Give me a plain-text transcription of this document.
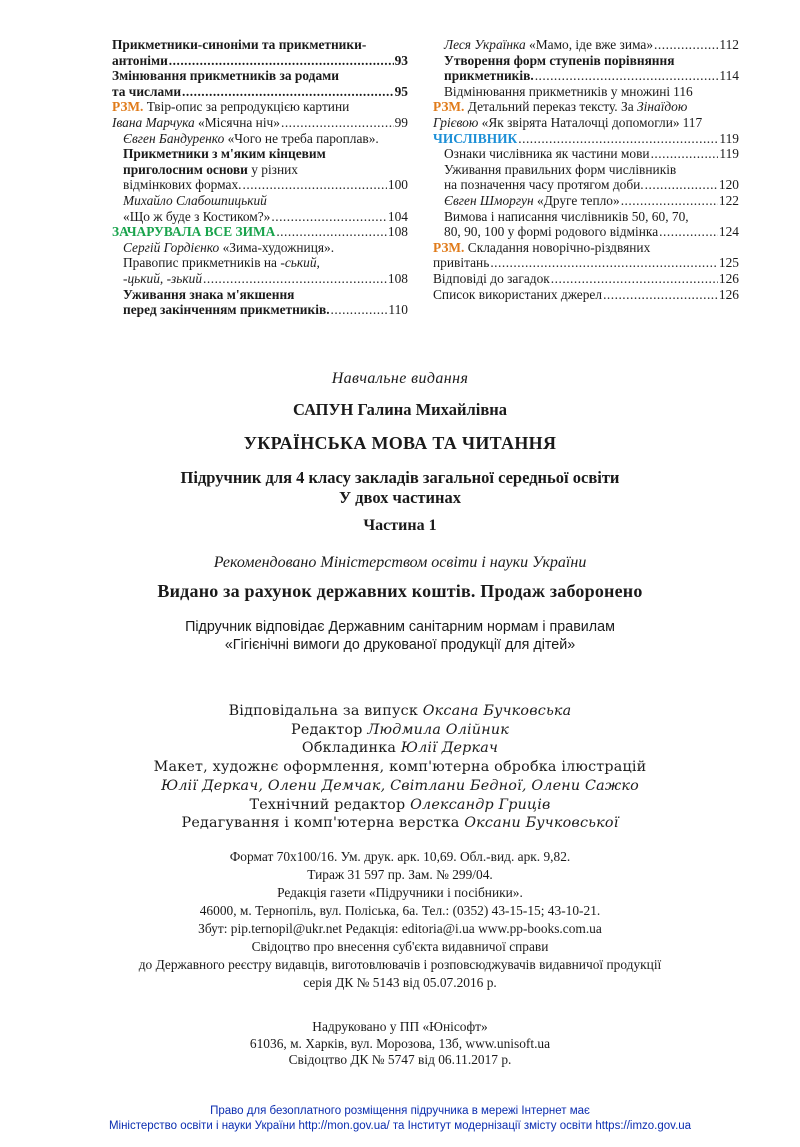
Прикметники-синоніми та прикметники-
антоніми .....	93
Змінювання прикметників за родами
та числами .....	95
РЗМ. Твір-опис за репродукцією картини
Івана Марчука «Місячна ніч» .....	99
Євген Бандуренко «Чого не треба пароплав».
Прикметники з м'яким кінцевим
приголосним основи у різних
відмінкових формах. .....	100
Михайло Слабошпицький
«Що ж буде з Костиком?» .....	104
ЗАЧАРУВАЛА ВСЕ ЗИМА .....	108
Сергій Гордієнко «Зима-художниця».
Правопис прикметників на -ський,
-цький, -зький .....	108
Уживання знака м'якшення
перед закінченням прикметників. .....	110
Леся Українка «Мамо, іде вже зима» .....	112
Утворення форм ступенів порівняння
прикметників. .....	114
Відмінювання прикметників у множині 116
РЗМ. Детальний переказ тексту. За Зінаїдою
Грієвою «Як звірята Наталочці допомогли» 117
ЧИСЛІВНИК .....	119
Ознаки числівника як частини мови .....	119
Уживання правильних форм числівників
на позначення часу протягом доби. .....	120
Євген Шморгун «Друге тепло» .....	122
Вимова і написання числівників 50, 60, 70,
80, 90, 100 у формі родового відмінка .....	124
РЗМ. Складання новорічно-різдвяних
привітань .....	125
Відповіді до загадок .....	126
Список використаних джерел .....	126
Навчальне видання
САПУН Галина Михайлівна
УКРАЇНСЬКА МОВА ТА ЧИТАННЯ
Підручник для 4 класу закладів загальної середньої освіти
У двох частинах
Частина 1
Рекомендовано Міністерством освіти і науки України
Видано за рахунок державних коштів. Продаж заборонено
Підручник відповідає Державним санітарним нормам і правилам
«Гігієнічні вимоги до друкованої продукції для дітей»
Відповідальна за випуск Оксана Бучковська
Редактор Людмила Олійник
Обкладинка Юлії Деркач
Макет, художнє оформлення, комп'ютерна обробка ілюстрацій
Юлії Деркач, Олени Демчак, Світлани Бедної, Олени Сажко
Технічний редактор Олександр Гриців
Редагування і комп'ютерна верстка Оксани Бучковської
Формат 70x100/16. Ум. друк. арк. 10,69. Обл.-вид. арк. 9,82.
Тираж 31 597 пр. Зам. № 299/04.
Редакція газети «Підручники і посібники».
46000, м. Тернопіль, вул. Поліська, 6а. Тел.: (0352) 43-15-15; 43-10-21.
Збут: pip.ternopil@ukr.net Редакція: editoria@i.ua www.pp-books.com.ua
Свідоцтво про внесення суб'єкта видавничої справи
до Державного реєстру видавців, виготовлювачів і розповсюджувачів видавничої продукції
серія ДК № 5143 від 05.07.2016 р.
Надруковано у ПП «Юнісофт»
61036, м. Харків, вул. Морозова, 13б, www.unisoft.ua
Свідоцтво ДК № 5747 від 06.11.2017 р.
Право для безоплатного розміщення підручника в мережі Інтернет має
Міністерство освіти і науки України http://mon.gov.ua/ та Інститут модернізації змісту освіти https://imzo.gov.ua
